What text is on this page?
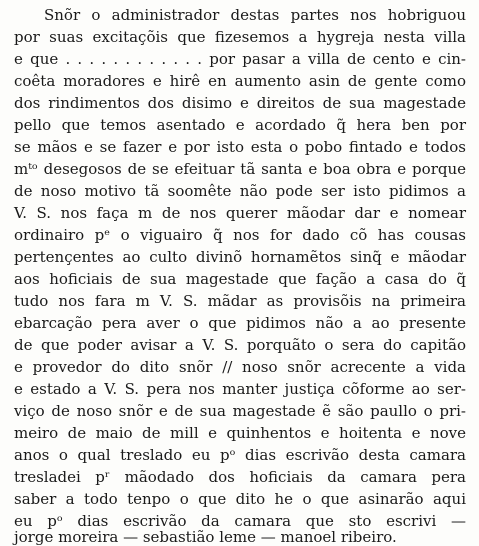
Snõr o administrador destas partes nos hobriguou
por suas excitaçõis que fizesemos a hygreja nesta villa
e que . . . . . . . . . . . . por pasar a villa de cento e cin-
coêta moradores e hirê en aumento asin de gente como
dos rindimentos dos disimo e direitos de sua magestade
pello que temos asentado e acordado q̃ hera ben por
se mãos e se fazer e por isto esta o pobo fintado e todos
mᵗᵒ desegosos de se efeituar tã santa e boa obra e porque
de noso motivo tã soomête não pode ser isto pidimos a
V. S. nos faça m de nos querer mãodar dar e nomear
ordinairo pᵉ o viguairo q̃ nos for dado cõ has cousas
pertençentes ao culto divinõ hornamẽtos sinq̃ e mãodar
aos hoficiais de sua magestade que fação a casa do q̃
tudo nos fara m V. S. mãdar as provisõis na primeira
ebarcação pera aver o que pidimos não a ao presente
de que poder avisar a V. S. porquãto o sera do capitão
e provedor do dito snõr // noso snõr acrecente a vida
e estado a V. S. pera nos manter justiça cõforme ao ser-
viço de noso snõr e de sua magestade ẽ são paullo o pri-
meiro de maio de mill e quinhentos e hoitenta e nove
anos o qual treslado eu pᵒ dias escrivão desta camara
tresladei pʳ mãodado dos hoficiais da camara pera
saber a todo tenpo o que dito he o que asinarão aqui
eu pᵒ dias escrivão da camara que sto escrivi —
jorge moreira — sebastião leme — manoel ribeiro.
